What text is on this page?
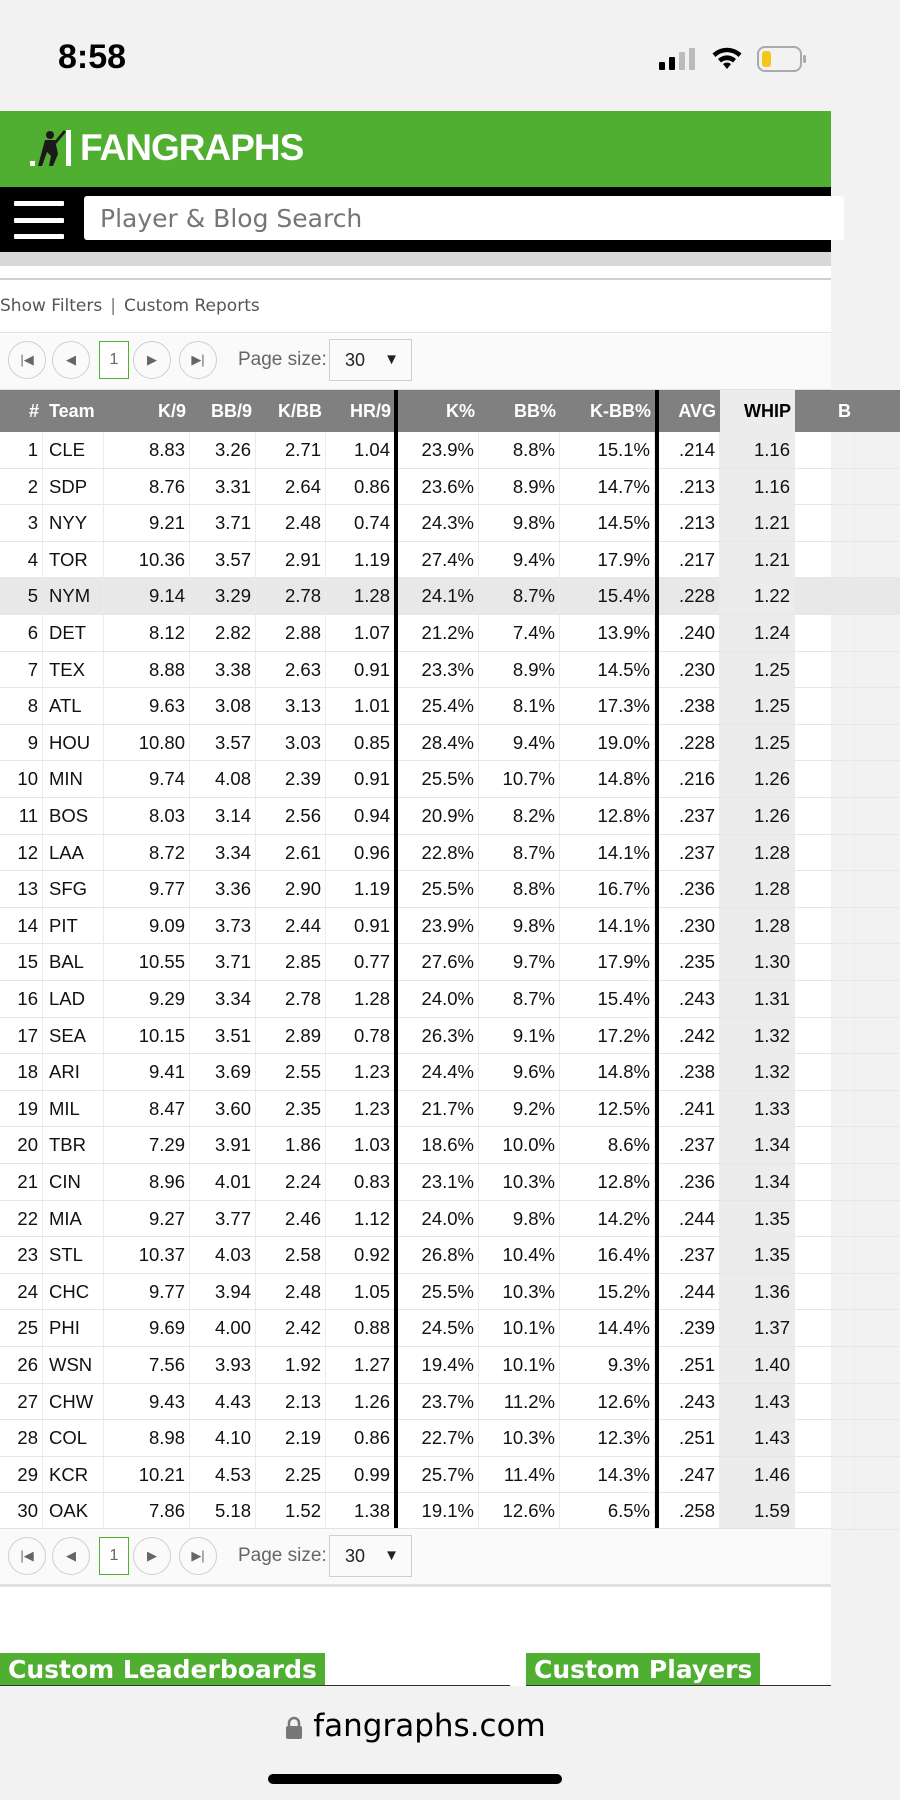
8:58
FAN GRAPHS
Player & Blog Search
Show Filters | Custom Reports
|◀	◀	1	▶	▶|	Page size: 30 ▼
# Team	K/9	BB/9	K/BB	HR/9	K%	BB%	K-BB%	AVG	WHIP	B
1 CLE	8.83	3.26	2.71	1.04	23.9%	8.8%	15.1%	.214	1.16
2 SDP	8.76	3.31	2.64	0.86	23.6%	8.9%	14.7%	.213	1.16
3 NYY	9.21	3.71	2.48	0.74	24.3%	9.8%	14.5%	.213	1.21
4 TOR	10.36	3.57	2.91	1.19	27.4%	9.4%	17.9%	.217	1.21
5 NYM	9.14	3.29	2.78	1.28	24.1%	8.7%	15.4%	.228	1.22
6 DET	8.12	2.82	2.88	1.07	21.2%	7.4%	13.9%	.240	1.24
7 TEX	8.88	3.38	2.63	0.91	23.3%	8.9%	14.5%	.230	1.25
8 ATL	9.63	3.08	3.13	1.01	25.4%	8.1%	17.3%	.238	1.25
9 HOU	10.80	3.57	3.03	0.85	28.4%	9.4%	19.0%	.228	1.25
10 MIN	9.74	4.08	2.39	0.91	25.5%	10.7%	14.8%	.216	1.26
11 BOS	8.03	3.14	2.56	0.94	20.9%	8.2%	12.8%	.237	1.26
12 LAA	8.72	3.34	2.61	0.96	22.8%	8.7%	14.1%	.237	1.28
13 SFG	9.77	3.36	2.90	1.19	25.5%	8.8%	16.7%	.236	1.28
14 PIT	9.09	3.73	2.44	0.91	23.9%	9.8%	14.1%	.230	1.28
15 BAL	10.55	3.71	2.85	0.77	27.6%	9.7%	17.9%	.235	1.30
16 LAD	9.29	3.34	2.78	1.28	24.0%	8.7%	15.4%	.243	1.31
17 SEA	10.15	3.51	2.89	0.78	26.3%	9.1%	17.2%	.242	1.32
18 ARI	9.41	3.69	2.55	1.23	24.4%	9.6%	14.8%	.238	1.32
19 MIL	8.47	3.60	2.35	1.23	21.7%	9.2%	12.5%	.241	1.33
20 TBR	7.29	3.91	1.86	1.03	18.6%	10.0%	8.6%	.237	1.34
21 CIN	8.96	4.01	2.24	0.83	23.1%	10.3%	12.8%	.236	1.34
22 MIA	9.27	3.77	2.46	1.12	24.0%	9.8%	14.2%	.244	1.35
23 STL	10.37	4.03	2.58	0.92	26.8%	10.4%	16.4%	.237	1.35
24 CHC	9.77	3.94	2.48	1.05	25.5%	10.3%	15.2%	.244	1.36
25 PHI	9.69	4.00	2.42	0.88	24.5%	10.1%	14.4%	.239	1.37
26 WSN	7.56	3.93	1.92	1.27	19.4%	10.1%	9.3%	.251	1.40
27 CHW	9.43	4.43	2.13	1.26	23.7%	11.2%	12.6%	.243	1.43
28 COL	8.98	4.10	2.19	0.86	22.7%	10.3%	12.3%	.251	1.43
29 KCR	10.21	4.53	2.25	0.99	25.7%	11.4%	14.3%	.247	1.46
30 OAK	7.86	5.18	1.52	1.38	19.1%	12.6%	6.5%	.258	1.59
|◀	◀	1	▶	▶|	Page size: 30 ▼
Custom Leaderboards	Custom Players
fangraphs.com
